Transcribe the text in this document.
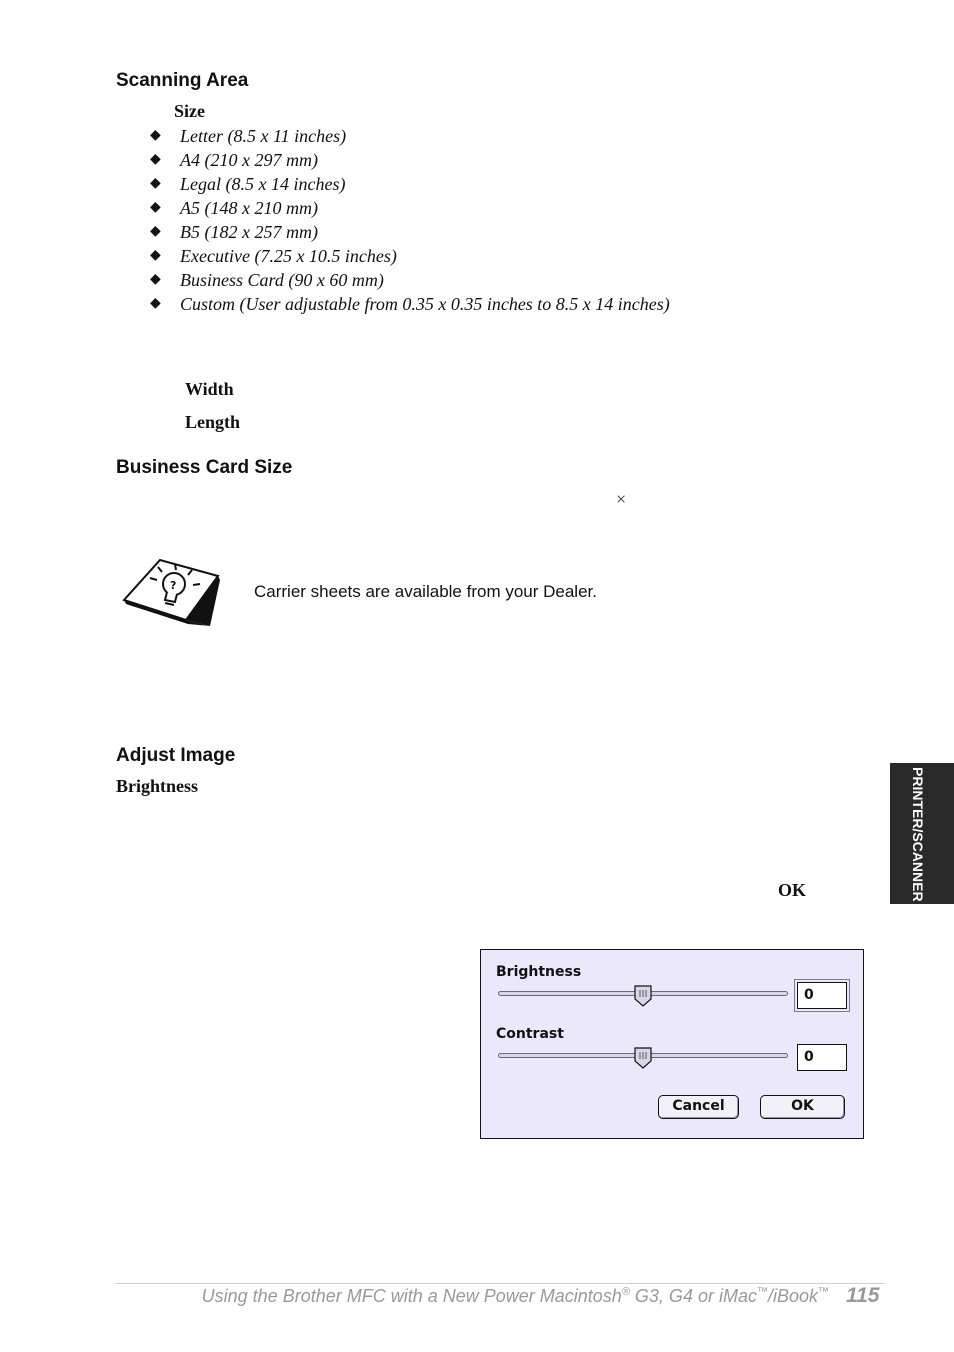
Scanning Area
Size
◆	Letter (8.5 x 11 inches)
◆	A4 (210 x 297 mm)
◆	Legal (8.5 x 14 inches)
◆	A5 (148 x 210 mm)
◆	B5 (182 x 257 mm)
◆	Executive (7.25 x 10.5 inches)
◆	Business Card (90 x 60 mm)
◆	Custom (User adjustable from 0.35 x 0.35 inches to 8.5 x 14 inches)
Width
Length
Business Card Size
×
?	Carrier sheets are available from your Dealer.
Adjust Image
Brightness
OK	PRINTER/SCANNER
Brightness
0
Contrast
0
Cancel	OK
Using the Brother MFC with a New Power Macintosh® G3, G4 or iMac™/iBook™ 115
